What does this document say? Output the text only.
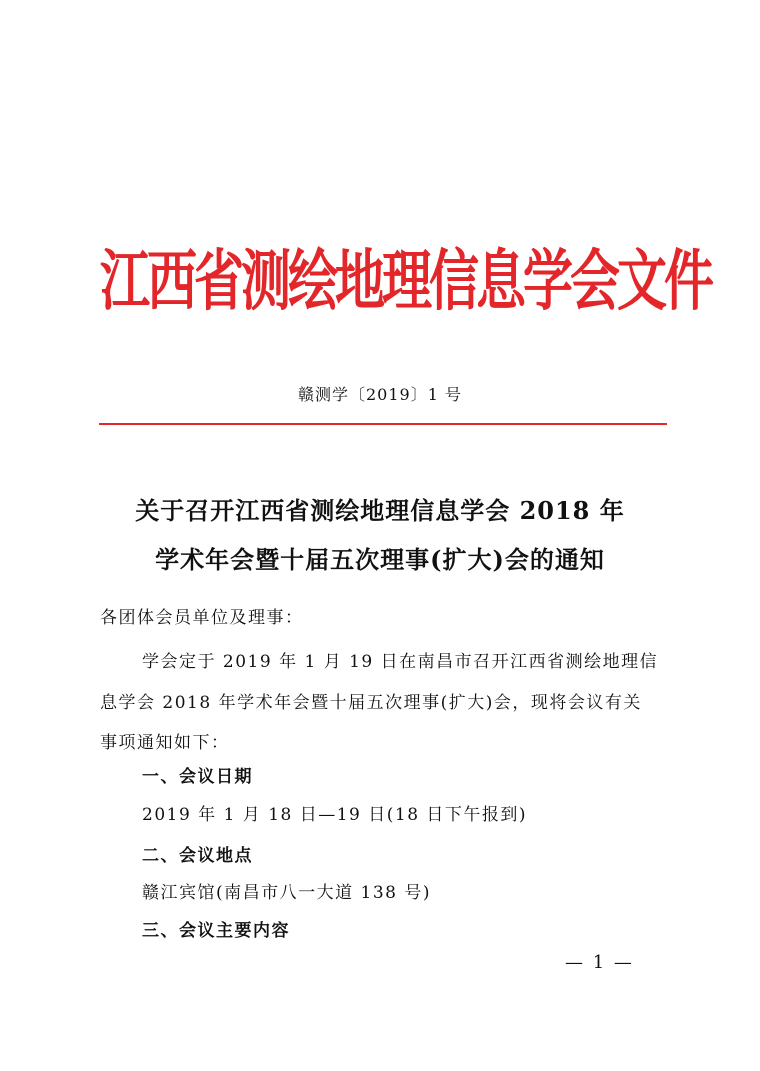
江西省测绘地理信息学会文件
赣测学〔2019〕1 号
关于召开江西省测绘地理信息学会 2018 年
学术年会暨十届五次理事(扩大)会的通知
各团体会员单位及理事：
学会定于 2019 年 1 月 19 日在南昌市召开江西省测绘地理信
息学会 2018 年学术年会暨十届五次理事(扩大)会，现将会议有关
事项通知如下：
一、会议日期
2019 年 1 月 18 日—19 日(18 日下午报到)
二、会议地点
赣江宾馆(南昌市八一大道 138 号)
三、会议主要内容
— 1 —
